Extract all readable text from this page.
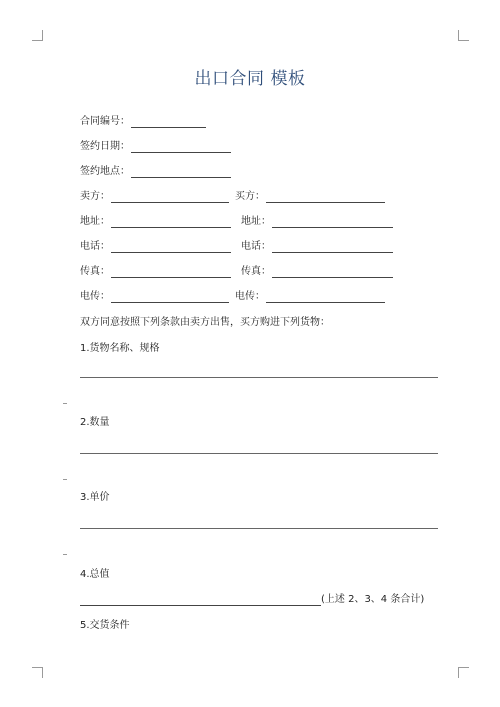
出口合同 模板
合同编号：
签约日期：
签约地点：
卖方：	买方：
地址：	地址：
电话：	电话：
传真：	传真：
电传：	电传：
双方同意按照下列条款由卖方出售，买方购进下列货物：
1.货物名称、规格
2.数量
3.单价
4.总值
(上述 2、3、4 条合计)
5.交货条件
